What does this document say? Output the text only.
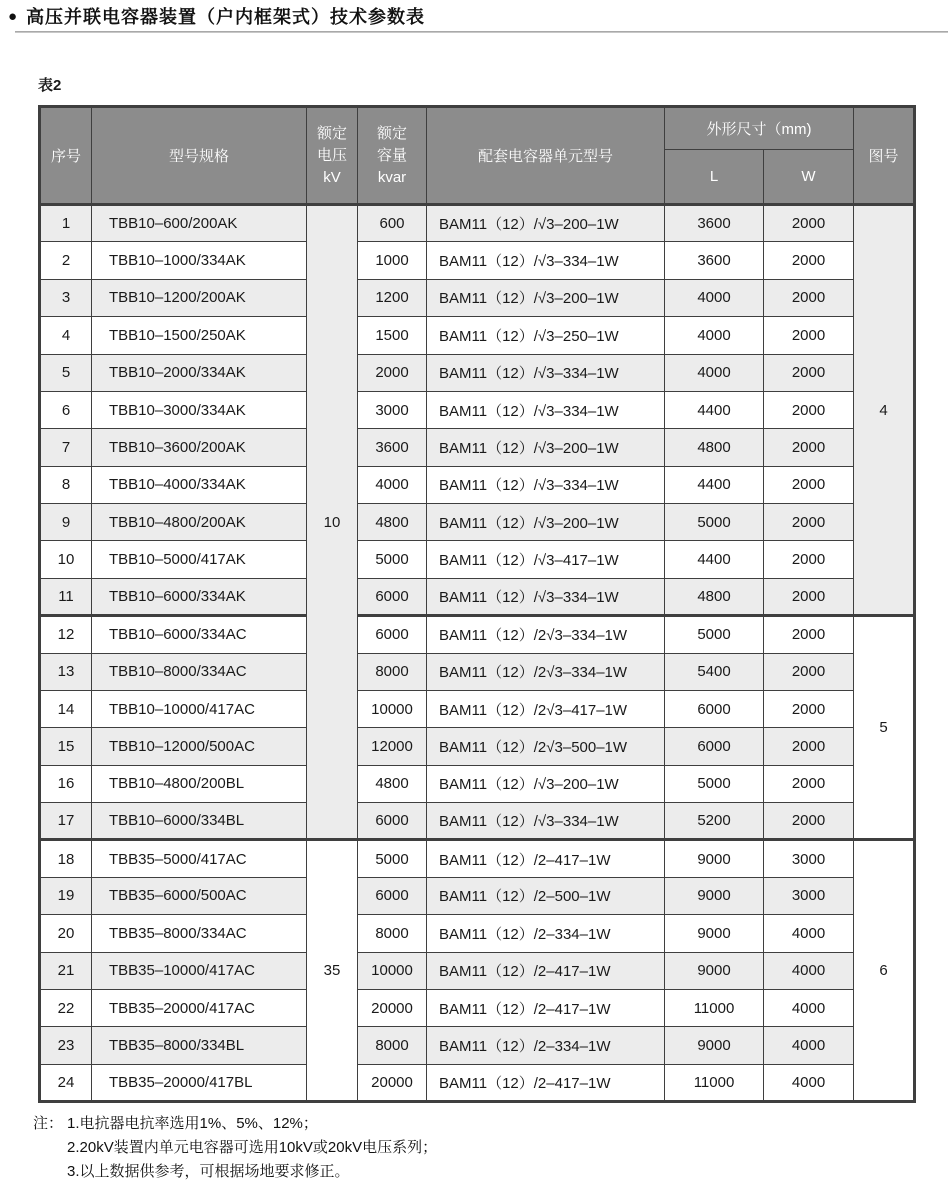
● 高压并联电容器装置（户内框架式）技术参数表
表2
序号	型号规格	额定
电压
kV	额定
容量
kvar	配套电容器单元型号	外形尺寸（mm)		图号
					L	W	
1	TBB10–600/200AK	10	600	BAM11（12）/√3–200–1W	3600	2000	4
2	TBB10–1000/334AK		1000	BAM11（12）/√3–334–1W	3600	2000	
3	TBB10–1200/200AK		1200	BAM11（12）/√3–200–1W	4000	2000	
4	TBB10–1500/250AK		1500	BAM11（12）/√3–250–1W	4000	2000	
5	TBB10–2000/334AK		2000	BAM11（12）/√3–334–1W	4000	2000	
6	TBB10–3000/334AK		3000	BAM11（12）/√3–334–1W	4400	2000	
7	TBB10–3600/200AK		3600	BAM11（12）/√3–200–1W	4800	2000	
8	TBB10–4000/334AK		4000	BAM11（12）/√3–334–1W	4400	2000	
9	TBB10–4800/200AK		4800	BAM11（12）/√3–200–1W	5000	2000	
10	TBB10–5000/417AK		5000	BAM11（12）/√3–417–1W	4400	2000	
11	TBB10–6000/334AK		6000	BAM11（12）/√3–334–1W	4800	2000	
12	TBB10–6000/334AC		6000	BAM11（12）/2√3–334–1W	5000	2000	5
13	TBB10–8000/334AC		8000	BAM11（12）/2√3–334–1W	5400	2000	
14	TBB10–10000/417AC		10000	BAM11（12）/2√3–417–1W	6000	2000	
15	TBB10–12000/500AC		12000	BAM11（12）/2√3–500–1W	6000	2000	
16	TBB10–4800/200BL		4800	BAM11（12）/√3–200–1W	5000	2000	
17	TBB10–6000/334BL		6000	BAM11（12）/√3–334–1W	5200	2000	
18	TBB35–5000/417AC	35	5000	BAM11（12）/2–417–1W	9000	3000	6
19	TBB35–6000/500AC		6000	BAM11（12）/2–500–1W	9000	3000	
20	TBB35–8000/334AC		8000	BAM11（12）/2–334–1W	9000	4000	
21	TBB35–10000/417AC		10000	BAM11（12）/2–417–1W	9000	4000	
22	TBB35–20000/417AC		20000	BAM11（12）/2–417–1W	11000	4000	
23	TBB35–8000/334BL		8000	BAM11（12）/2–334–1W	9000	4000	
24	TBB35–20000/417BL		20000	BAM11（12）/2–417–1W	11000	4000	
注： 1.电抗器电抗率选用1%、5%、12%；
2.20kV装置内单元电容器可选用10kV或20kV电压系列；
3.以上数据供参考，可根据场地要求修正。
